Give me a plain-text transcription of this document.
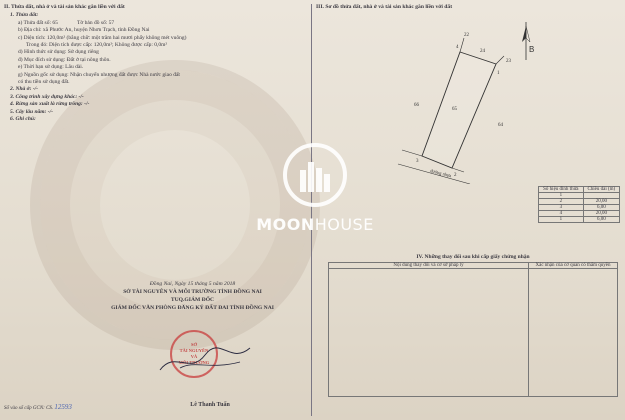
II. Thửa đất, nhà ở và tài sản khác gắn liền với đất
1. Thửa đất:
a) Thửa đất số: 65	Tờ bản đồ số: 57
b) Địa chỉ: xã Phước An, huyện Nhơn Trạch, tỉnh Đồng Nai
c) Diện tích: 120,0m² (bằng chữ: một trăm hai mươi phẩy không mét vuông)
Trong đó: Diện tích được cấp: 120,0m²; Không được cấp: 0,0m²
d) Hình thức sử dụng: Sử dụng riêng
đ) Mục đích sử dụng: Đất ở tại nông thôn.
e) Thời hạn sử dụng: Lâu dài.
g) Nguồn gốc sử dụng: Nhận chuyển nhượng đất được Nhà nước giao đất
có thu tiền sử dụng đất.
2. Nhà ở: -/-
3. Công trình xây dựng khác: -/-
4. Rừng sản xuất là rừng trồng: -/-
5. Cây lâu năm: -/-
6. Ghi chú:
Đồng Nai, Ngày 15 tháng 5 năm 2018
SỞ TÀI NGUYÊN VÀ MÔI TRƯỜNG TỈNH ĐỒNG NAI
TUQ.GIÁM ĐỐC
GIÁM ĐỐC VĂN PHÒNG ĐĂNG KÝ ĐẤT ĐAI TỈNH ĐỒNG NAI
SỞ
TÀI NGUYÊN
VÀ
MÔI TRƯỜNG
Lê Thanh Tuấn
Số vào sổ cấp GCN: CS. 12593
III. Sơ đồ thửa đất, nhà ở và tài sản khác gắn liền với đất
B
4
1
2
3
22
24
23
66
64
65
đường nhựa
Số hiệu đỉnh thửa	Chiều dài (m)
1	
2	20,00
3	6,00
4	20,00
1	6,00
IV. Những thay đổi sau khi cấp giấy chứng nhận
Nội dung thay đổi và cơ sở pháp lý	Xác nhận của cơ quan có thẩm quyền

MOONHOUSE
